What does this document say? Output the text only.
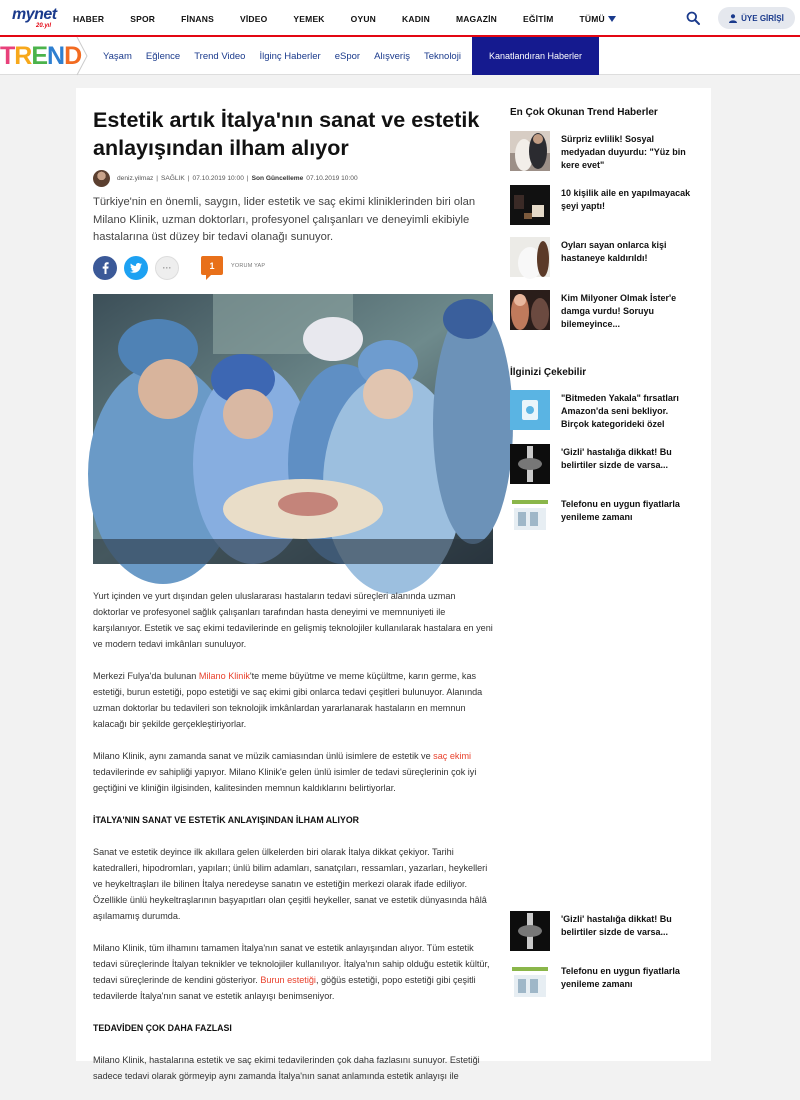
mynet
20.yıl
HABER	SPOR	FİNANS	VİDEO	YEMEK	OYUN	KADIN	MAGAZİN	EĞİTİM	TÜMÜ	ÜYE GİRİŞİ
TREND Yaşam Eğlence Trend Video İlginç Haberler eSpor Alışveriş Teknoloji	Kanatlandıran Haberler
Estetik artık İtalya'nın sanat ve estetik anlayışından ilham alıyor
deniz.yilmaz | SAĞLIK | 07.10.2019 10:00 | Son Güncelleme 07.10.2019 10:00

Türkiye'nin en önemli, saygın, lider estetik ve saç ekimi kliniklerinden biri olan Milano Klinik, uzman doktorları, profesyonel çalışanları ve deneyimli ekibiyle hastalarına üst düzey bir tedavi olanağı sunuyor.

···	1	YORUM YAP

Yurt içinden ve yurt dışından gelen uluslararası hastaların tedavi süreçleri alanında uzman doktorlar ve profesyonel sağlık çalışanları tarafından hasta deneyimi ve memnuniyeti ile karşılanıyor. Estetik ve saç ekimi tedavilerinde en gelişmiş teknolojiler kullanılarak hastalara en yeni ve modern tedavi imkânları sunuluyor.

Merkezi Fulya'da bulunan Milano Klinik'te meme büyütme ve meme küçültme, karın germe, kas estetiği, burun estetiği, popo estetiği ve saç ekimi gibi onlarca tedavi çeşitleri bulunuyor. Alanında uzman doktorlar bu tedavileri son teknolojik imkânlardan yararlanarak hastaların en memnun kalacağı bir şekilde gerçekleştiriyorlar.

Milano Klinik, aynı zamanda sanat ve müzik camiasından ünlü isimlere de estetik ve saç ekimi tedavilerinde ev sahipliği yapıyor. Milano Klinik'e gelen ünlü isimler de tedavi süreçlerinin çok iyi geçtiğini ve kliniğin ilgisinden, kalitesinden memnun kaldıklarını belirtiyorlar.

İTALYA'NIN SANAT VE ESTETİK ANLAYIŞINDAN İLHAM ALIYOR

Sanat ve estetik deyince ilk akıllara gelen ülkelerden biri olarak İtalya dikkat çekiyor. Tarihi katedralleri, hipodromları, yapıları; ünlü bilim adamları, sanatçıları, ressamları, yazarları, heykelleri ve heykeltraşları ile bilinen İtalya neredeyse sanatın ve estetiğin merkezi olarak ifade ediliyor. Özellikle ünlü heykeltraşlarının başyapıtları olan çeşitli heykeller, sanat ve estetik dünyasında hâlâ aşılamamış durumda.

Milano Klinik, tüm ilhamını tamamen İtalya'nın sanat ve estetik anlayışından alıyor. Tüm estetik tedavi süreçlerinde İtalyan teknikler ve teknolojiler kullanılıyor. İtalya'nın sahip olduğu estetik kültür, tedavi süreçlerinde de kendini gösteriyor. Burun estetiği, göğüs estetiği, popo estetiği gibi çeşitli tedavilerde İtalya'nın sanat ve estetik anlayışı benimseniyor.

TEDAVİDEN ÇOK DAHA FAZLASI

Milano Klinik, hastalarına estetik ve saç ekimi tedavilerinden çok daha fazlasını sunuyor. Estetiği sadece tedavi olarak görmeyip aynı zamanda İtalya'nın sanat anlamında estetik anlayışı ile

En Çok Okunan Trend Haberler
Sürpriz evlilik! Sosyal medyadan duyurdu: "Yüz bin kere evet"
10 kişilik aile en yapılmayacak şeyi yaptı!
Oyları sayan onlarca kişi hastaneye kaldırıldı!
Kim Milyoner Olmak İster'e damga vurdu! Soruyu bilemeyince...
İlginizi Çekebilir
"Bitmeden Yakala" fırsatları Amazon'da seni bekliyor. Birçok kategorideki özel
'Gizli' hastalığa dikkat! Bu belirtiler sizde de varsa...
Telefonu en uygun fiyatlarla yenileme zamanı
'Gizli' hastalığa dikkat! Bu belirtiler sizde de varsa...
Telefonu en uygun fiyatlarla yenileme zamanı
